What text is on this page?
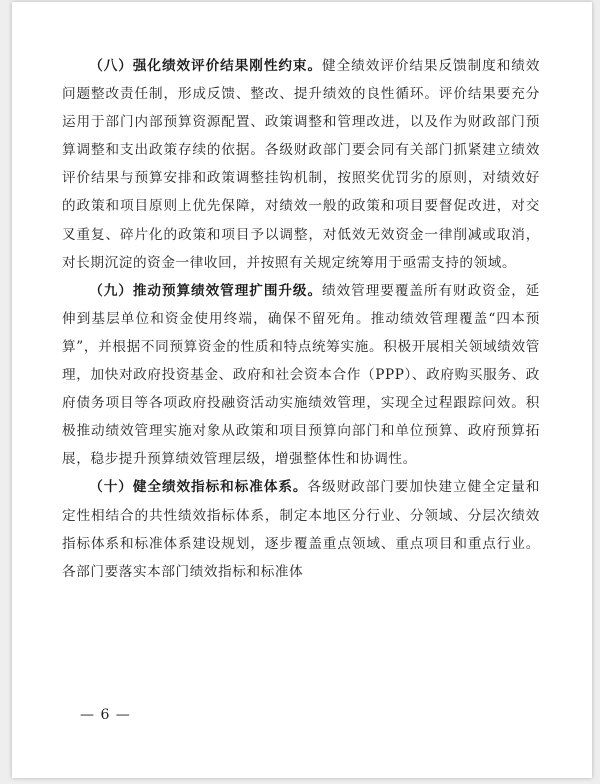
（八）强化绩效评价结果刚性约束。健全绩效评价结果反馈制度和绩效问题整改责任制，形成反馈、整改、提升绩效的良性循环。评价结果要充分运用于部门内部预算资源配置、政策调整和管理改进，以及作为财政部门预算调整和支出政策存续的依据。各级财政部门要会同有关部门抓紧建立绩效评价结果与预算安排和政策调整挂钩机制，按照奖优罚劣的原则，对绩效好的政策和项目原则上优先保障，对绩效一般的政策和项目要督促改进，对交叉重复、碎片化的政策和项目予以调整，对低效无效资金一律削减或取消，对长期沉淀的资金一律收回，并按照有关规定统筹用于亟需支持的领域。

（九）推动预算绩效管理扩围升级。绩效管理要覆盖所有财政资金，延伸到基层单位和资金使用终端，确保不留死角。推动绩效管理覆盖“四本预算”，并根据不同预算资金的性质和特点统筹实施。积极开展相关领域绩效管理，加快对政府投资基金、政府和社会资本合作（PPP）、政府购买服务、政府债务项目等各项政府投融资活动实施绩效管理，实现全过程跟踪问效。积极推动绩效管理实施对象从政策和项目预算向部门和单位预算、政府预算拓展，稳步提升预算绩效管理层级，增强整体性和协调性。

（十）健全绩效指标和标准体系。各级财政部门要加快建立健全定量和定性相结合的共性绩效指标体系，制定本地区分行业、分领域、分层次绩效指标体系和标准体系建设规划，逐步覆盖重点领域、重点项目和重点行业。各部门要落实本部门绩效指标和标准体

— 6 —
